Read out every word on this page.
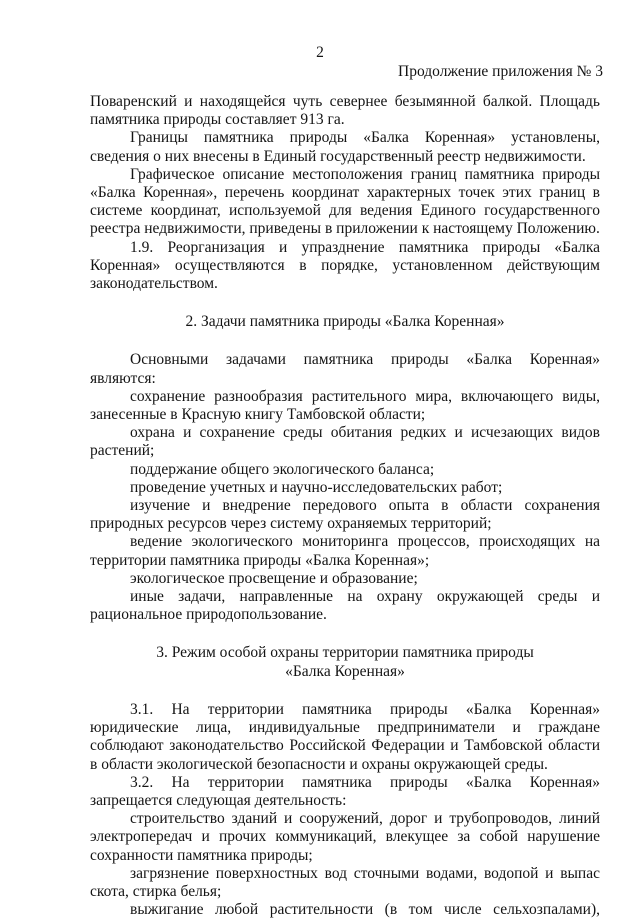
2
Продолжение приложения № 3

Поваренский и находящейся чуть севернее безымянной балкой. Площадь памятника природы составляет 913 га.

Границы памятника природы «Балка Коренная» установлены, сведения о них внесены в Единый государственный реестр недвижимости.

Графическое описание местоположения границ памятника природы «Балка Коренная», перечень координат характерных точек этих границ в системе координат, используемой для ведения Единого государственного реестра недвижимости, приведены в приложении к настоящему Положению.

1.9. Реорганизация и упразднение памятника природы «Балка Коренная» осуществляются в порядке, установленном действующим законодательством.

2. Задачи памятника природы «Балка Коренная»

Основными задачами памятника природы «Балка Коренная» являются:

сохранение разнообразия растительного мира, включающего виды, занесенные в Красную книгу Тамбовской области;

охрана и сохранение среды обитания редких и исчезающих видов растений;

поддержание общего экологического баланса;

проведение учетных и научно-исследовательских работ;

изучение и внедрение передового опыта в области сохранения природных ресурсов через систему охраняемых территорий;

ведение экологического мониторинга процессов, происходящих на территории памятника природы «Балка Коренная»;

экологическое просвещение и образование;

иные задачи, направленные на охрану окружающей среды и рациональное природопользование.

3. Режим особой охраны территории памятника природы

«Балка Коренная»

3.1. На территории памятника природы «Балка Коренная» юридические лица, индивидуальные предприниматели и граждане соблюдают законодательство Российской Федерации и Тамбовской области в области экологической безопасности и охраны окружающей среды.

3.2. На территории памятника природы «Балка Коренная» запрещается следующая деятельность:

строительство зданий и сооружений, дорог и трубопроводов, линий электропередач и прочих коммуникаций, влекущее за собой нарушение сохранности памятника природы;

загрязнение поверхностных вод сточными водами, водопой и выпас скота, стирка белья;

выжигание любой растительности (в том числе сельхозпалами),
